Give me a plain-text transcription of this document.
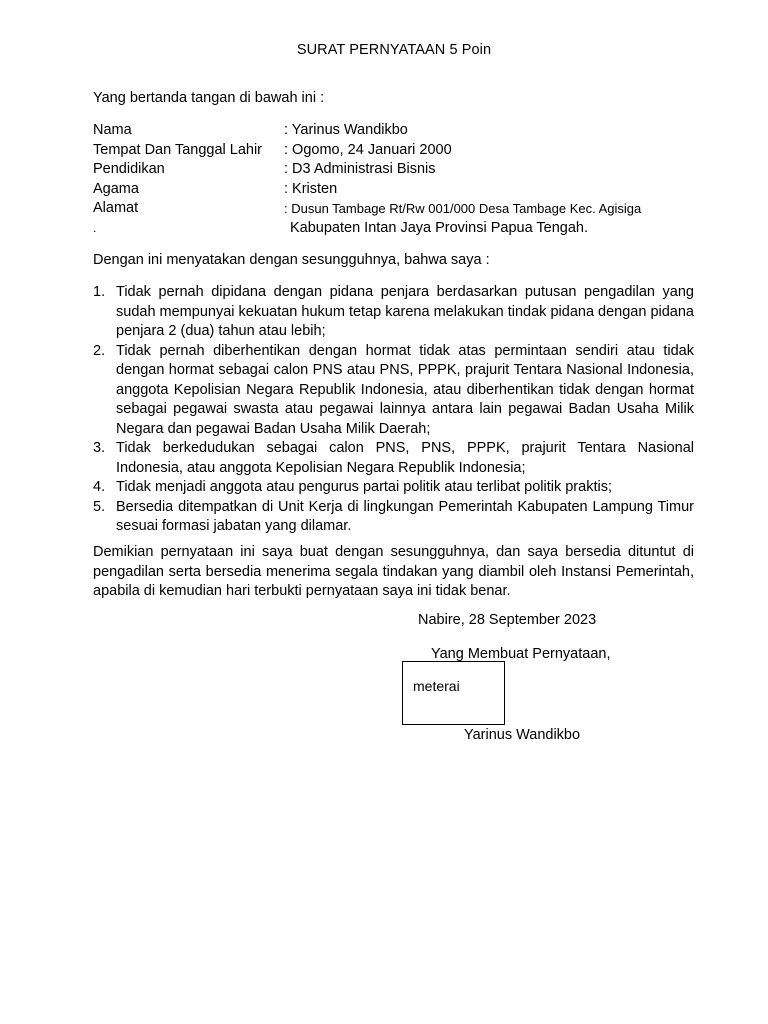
SURAT PERNYATAAN 5 Poin
Yang bertanda tangan di bawah ini :
Nama	: Yarinus Wandikbo
Tempat Dan Tanggal Lahir : Ogomo, 24 Januari 2000
Pendidikan	: D3 Administrasi Bisnis
Agama	: Kristen
Alamat	: Dusun Tambage Rt/Rw 001/000 Desa Tambage Kec. Agisiga
.	Kabupaten Intan Jaya Provinsi Papua Tengah.
Dengan ini menyatakan dengan sesungguhnya, bahwa saya :
1. Tidak pernah dipidana dengan pidana penjara berdasarkan putusan pengadilan yang sudah mempunyai kekuatan hukum tetap karena melakukan tindak pidana dengan pidana penjara 2 (dua) tahun atau lebih;
2. Tidak pernah diberhentikan dengan hormat tidak atas permintaan sendiri atau tidak dengan hormat sebagai calon PNS atau PNS, PPPK, prajurit Tentara Nasional Indonesia, anggota Kepolisian Negara Republik Indonesia, atau diberhentikan tidak dengan hormat sebagai pegawai swasta atau pegawai lainnya antara lain pegawai Badan Usaha Milik Negara dan pegawai Badan Usaha Milik Daerah;
3. Tidak berkedudukan sebagai calon PNS, PNS, PPPK, prajurit Tentara Nasional Indonesia, atau anggota Kepolisian Negara Republik Indonesia;
4. Tidak menjadi anggota atau pengurus partai politik atau terlibat politik praktis;
5. Bersedia ditempatkan di Unit Kerja di lingkungan Pemerintah Kabupaten Lampung Timur sesuai formasi jabatan yang dilamar.
Demikian pernyataan ini saya buat dengan sesungguhnya, dan saya bersedia dituntut di pengadilan serta bersedia menerima segala tindakan yang diambil oleh Instansi Pemerintah, apabila di kemudian hari terbukti pernyataan saya ini tidak benar.
Nabire, 28 September 2023
Yang Membuat Pernyataan,
meterai
Yarinus Wandikbo
